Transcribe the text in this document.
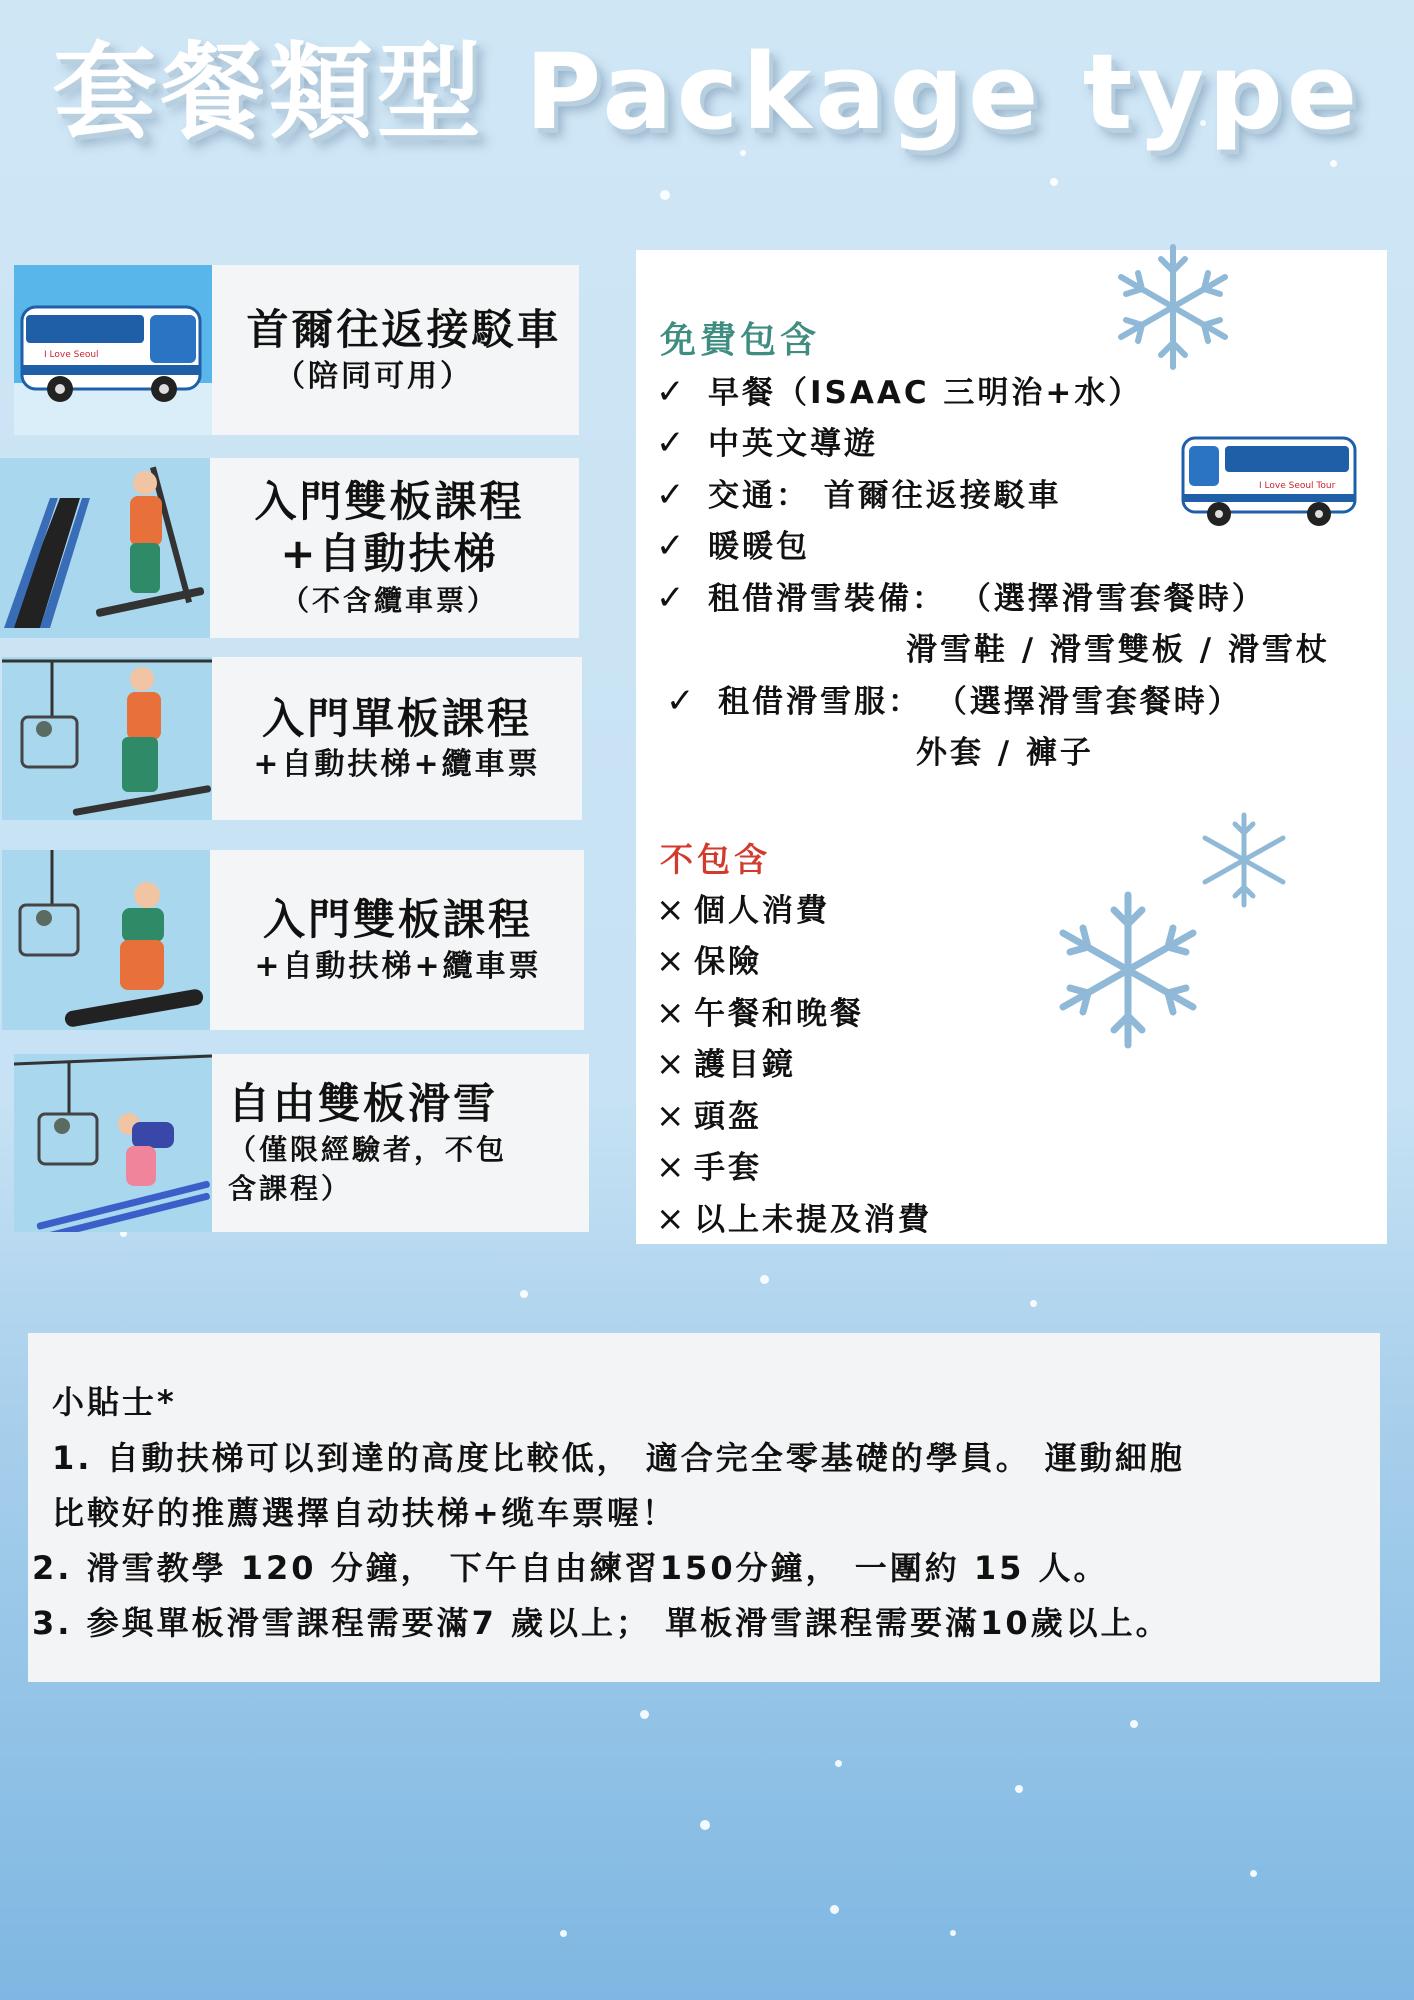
套餐類型 Package type
I Love Seoul
首爾往返接駁車
（陪同可用）
入門雙板課程
+自動扶梯
（不含纜車票）
入門單板課程
+自動扶梯+纜車票
入門雙板課程
+自動扶梯+纜車票
自由雙板滑雪
（僅限經驗者，不包
含課程）
I Love Seoul Tour
免費包含
✓ 早餐（ISAAC 三明治+水）
✓ 中英文導遊
✓ 交通： 首爾往返接駁車
✓ 暖暖包
✓ 租借滑雪裝備： （選擇滑雪套餐時）
滑雪鞋 / 滑雪雙板 / 滑雪杖
✓ 租借滑雪服： （選擇滑雪套餐時）
外套 / 褲子
不包含
× 個人消費
× 保險
× 午餐和晚餐
× 護目鏡
× 頭盔
× 手套
× 以上未提及消費
小貼士*
1. 自動扶梯可以到達的高度比較低， 適合完全零基礎的學員。 運動細胞
比較好的推薦選擇自动扶梯+缆车票喔！
2. 滑雪教學 120 分鐘， 下午自由練習150分鐘， 一團約 15 人。
3. 参與單板滑雪課程需要滿7 歲以上； 單板滑雪課程需要滿10歲以上。
